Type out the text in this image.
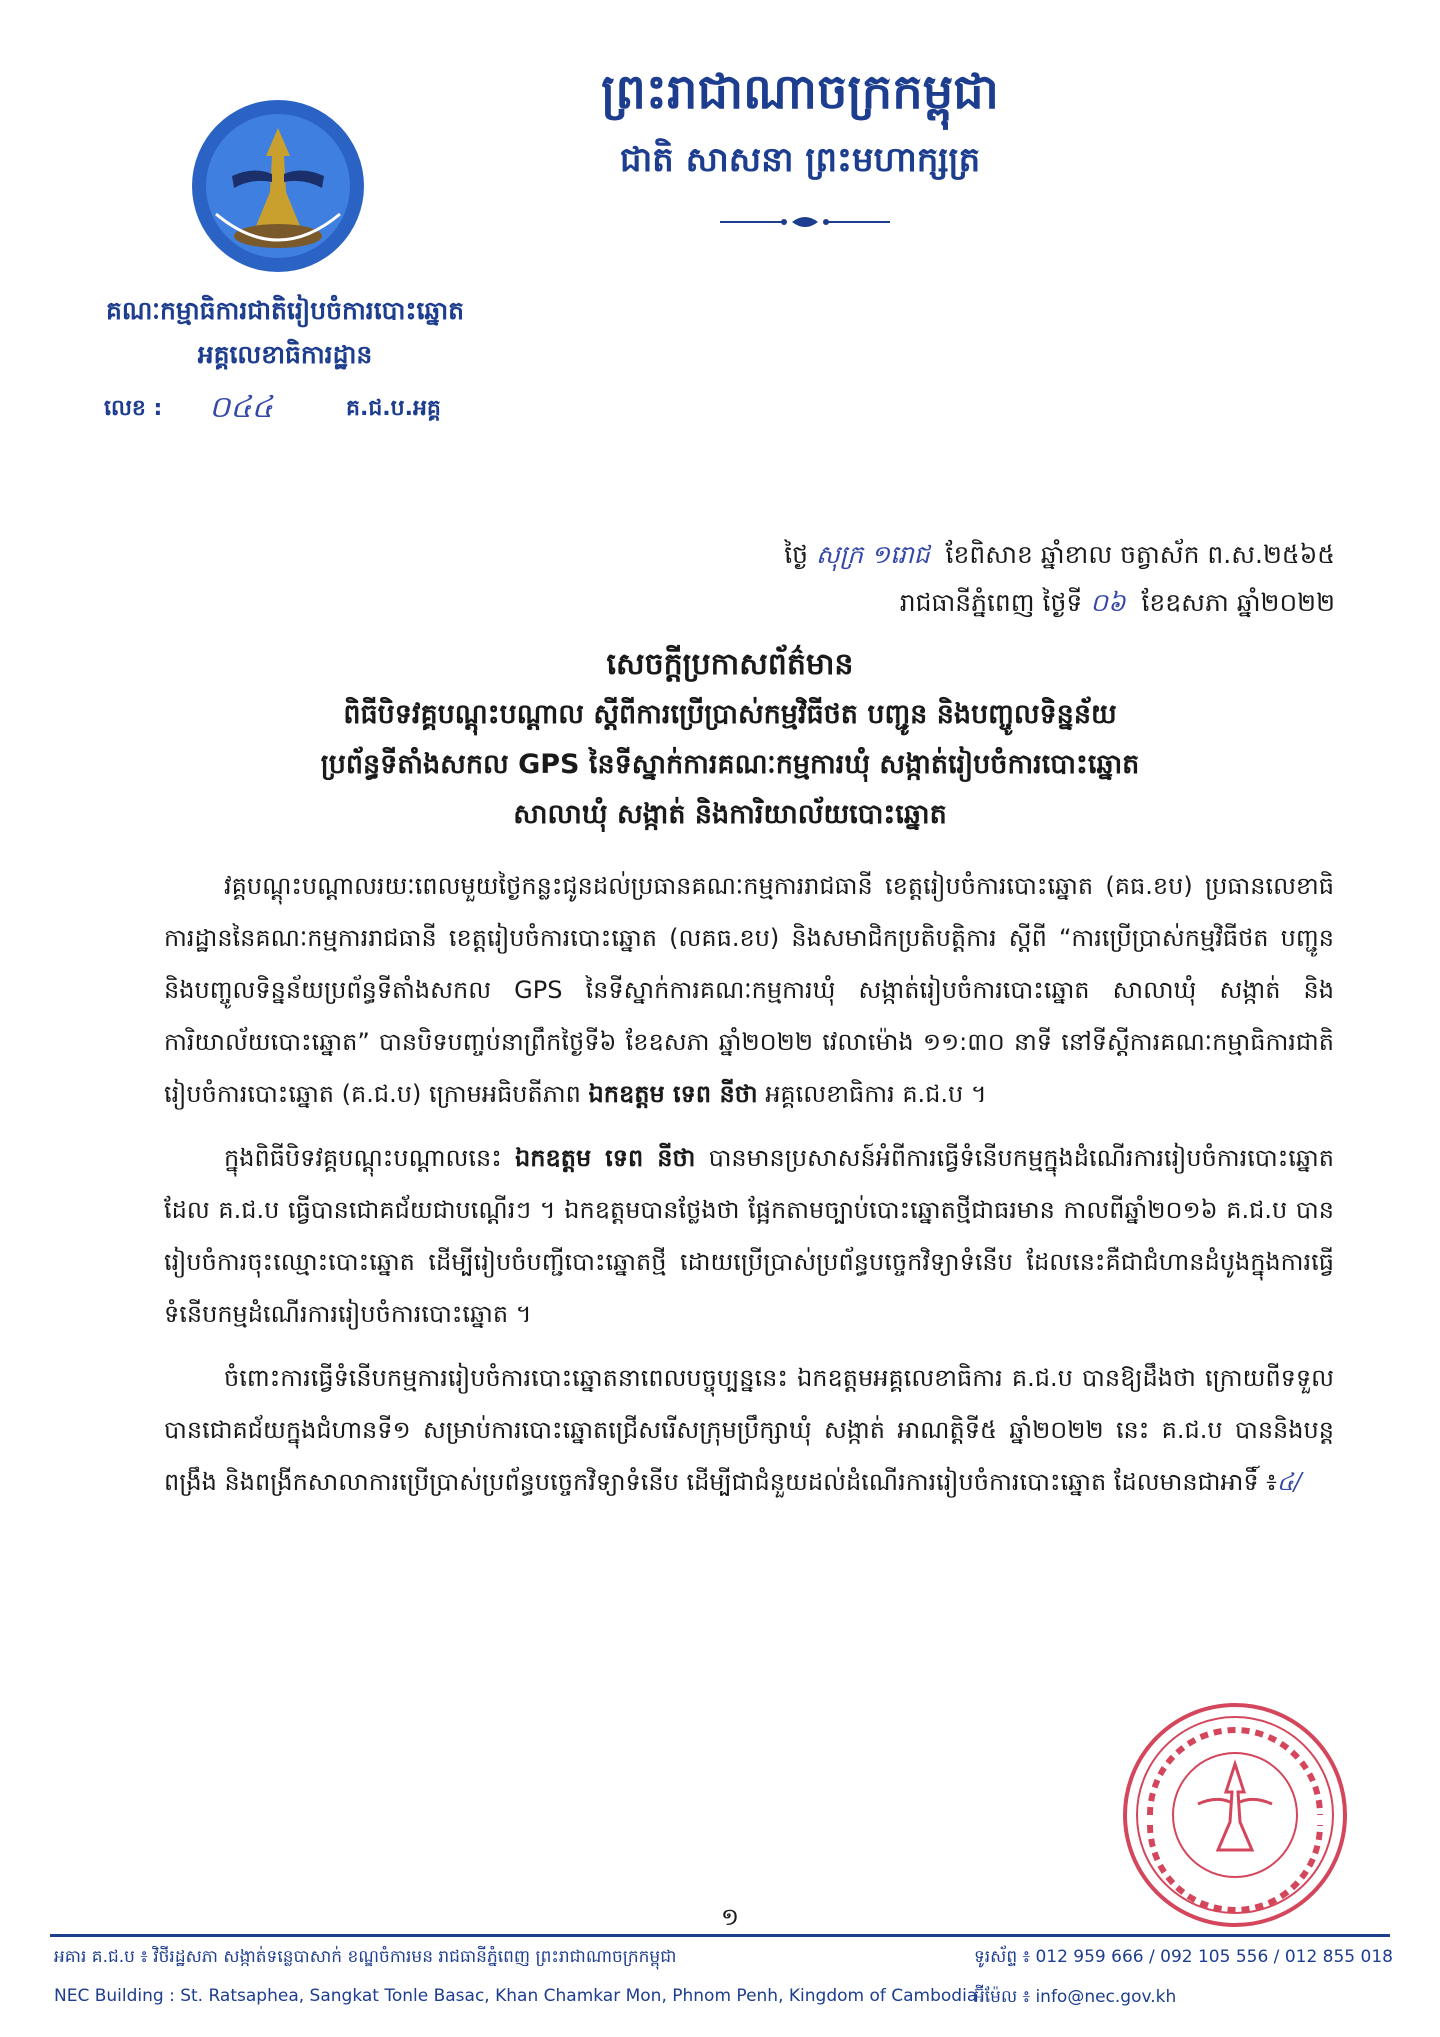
ព្រះរាជាណាចក្រកម្ពុជា
ជាតិ សាសនា ព្រះមហាក្សត្រ
គណៈកម្មាធិការជាតិរៀបចំការបោះឆ្នោត
អគ្គលេខាធិការដ្ឋាន
លេខ : ០៤៤	គ.ជ.ប.អគ្គ
ថ្ងៃ សុក្រ ១រោជ ខែពិសាខ ឆ្នាំខាល ចត្វាស័ក ព.ស.២៥៦៥
រាជធានីភ្នំពេញ ថ្ងៃទី ០៦ ខែឧសភា ឆ្នាំ២០២២
សេចក្ដីប្រកាសព័ត៌មាន
ពិធីបិទវគ្គបណ្ដុះបណ្ដាល ស្ដីពីការប្រើប្រាស់កម្មវិធីថត បញ្ជូន និងបញ្ចូលទិន្នន័យ
ប្រព័ន្ធទីតាំងសកល GPS នៃទីស្នាក់ការគណៈកម្មការឃុំ សង្កាត់រៀបចំការបោះឆ្នោត
សាលាឃុំ សង្កាត់ និងការិយាល័យបោះឆ្នោត

វគ្គបណ្ដុះបណ្ដាលរយៈពេលមួយថ្ងៃកន្លះជូនដល់ប្រធានគណៈកម្មការរាជធានី ខេត្តរៀបចំការបោះឆ្នោត (គធ.ខប) ប្រធានលេខាធិការដ្ឋាននៃគណៈកម្មការរាជធានី ខេត្តរៀបចំការបោះឆ្នោត (លគធ.ខប) និងសមាជិកប្រតិបត្តិការ ស្ដីពី “ការប្រើប្រាស់កម្មវិធីថត បញ្ជូន និងបញ្ចូលទិន្នន័យប្រព័ន្ធទីតាំងសកល GPS នៃទីស្នាក់ការគណៈកម្មការឃុំ សង្កាត់រៀបចំការបោះឆ្នោត សាលាឃុំ សង្កាត់ និងការិយាល័យបោះឆ្នោត” បានបិទបញ្ចប់នាព្រឹកថ្ងៃទី៦ ខែឧសភា ឆ្នាំ២០២២ វេលាម៉ោង ១១:៣០ នាទី នៅទីស្ដីការគណៈកម្មាធិការជាតិរៀបចំការបោះឆ្នោត (គ.ជ.ប) ក្រោមអធិបតីភាព ឯកឧត្ដម ទេព នីថា អគ្គលេខាធិការ គ.ជ.ប ។

ក្នុងពិធីបិទវគ្គបណ្ដុះបណ្ដាលនេះ ឯកឧត្ដម ទេព នីថា បានមានប្រសាសន៍អំពីការធ្វើទំនើបកម្មក្នុងដំណើរការរៀបចំការបោះឆ្នោតដែល គ.ជ.ប ធ្វើបានជោគជ័យជាបណ្ដើរៗ ។ ឯកឧត្ដមបានថ្លែងថា ផ្អែកតាមច្បាប់បោះឆ្នោតថ្មីជាធរមាន កាលពីឆ្នាំ២០១៦ គ.ជ.ប បានរៀបចំការចុះឈ្មោះបោះឆ្នោត ដើម្បីរៀបចំបញ្ជីបោះឆ្នោតថ្មី ដោយប្រើប្រាស់ប្រព័ន្ធបច្ចេកវិទ្យាទំនើប ដែលនេះគឺជាជំហានដំបូងក្នុងការធ្វើទំនើបកម្មដំណើរការរៀបចំការបោះឆ្នោត ។

ចំពោះការធ្វើទំនើបកម្មការរៀបចំការបោះឆ្នោតនាពេលបច្ចុប្បន្ននេះ ឯកឧត្ដមអគ្គលេខាធិការ គ.ជ.ប បានឱ្យដឹងថា ក្រោយពីទទួលបានជោគជ័យក្នុងជំហានទី១ សម្រាប់ការបោះឆ្នោតជ្រើសរើសក្រុមប្រឹក្សាឃុំ សង្កាត់ អាណត្តិទី៥ ឆ្នាំ២០២២ នេះ គ.ជ.ប បាននិងបន្តពង្រឹង និងពង្រីកសាលាការប្រើប្រាស់ប្រព័ន្ធបច្ចេកវិទ្យាទំនើប ដើម្បីជាជំនួយដល់ដំណើរការរៀបចំការបោះឆ្នោត ដែលមានជាអាទិ៍ ៖៤/

១
អគារ គ.ជ.ប ៖ វិថីរដ្ឋសភា សង្កាត់ទន្លេបាសាក់ ខណ្ឌចំការមន រាជធានីភ្នំពេញ ព្រះរាជាណាចក្រកម្ពុជា
NEC Building : St. Ratsaphea, Sangkat Tonle Basac, Khan Chamkar Mon, Phnom Penh, Kingdom of Cambodia
ទូរស័ព្ទ ៖ 012 959 666 / 092 105 556 / 012 855 018
អ៊ីម៉ែល ៖ info@nec.gov.kh
